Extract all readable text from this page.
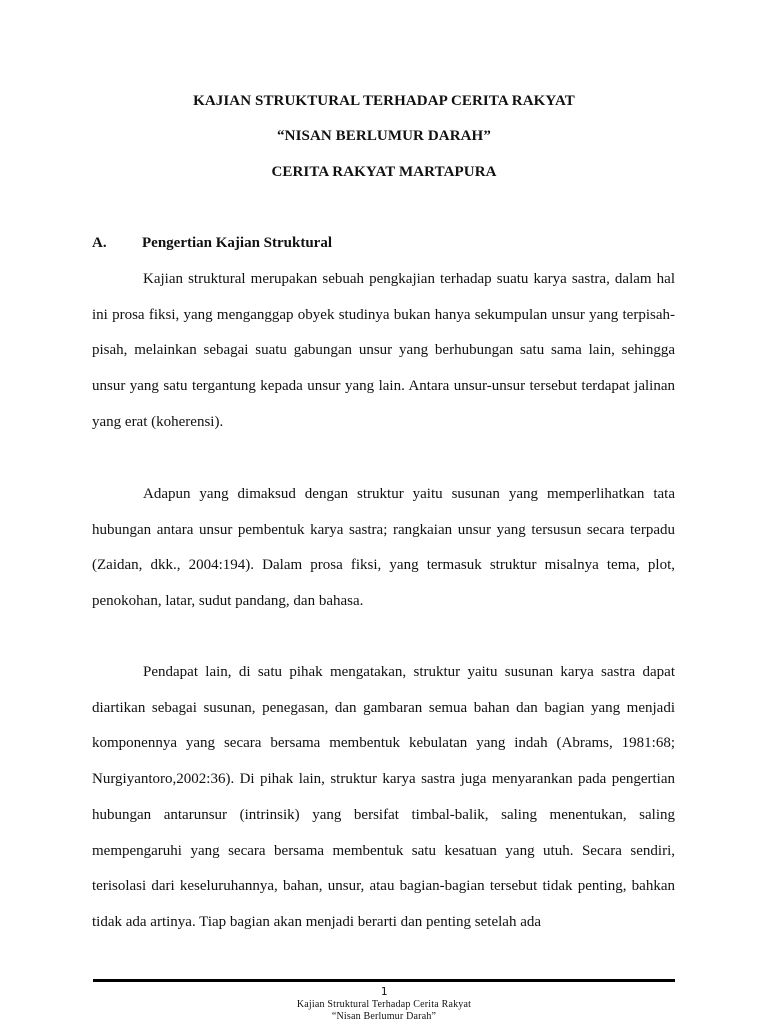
KAJIAN STRUKTURAL TERHADAP CERITA RAKYAT
“NISAN BERLUMUR DARAH”
CERITA RAKYAT MARTAPURA
A. Pengertian Kajian Struktural

Kajian struktural merupakan sebuah pengkajian terhadap suatu karya sastra, dalam hal ini prosa fiksi, yang menganggap obyek studinya bukan hanya sekumpulan unsur yang terpisah-pisah, melainkan sebagai suatu gabungan unsur yang berhubungan satu sama lain, sehingga unsur yang satu tergantung kepada unsur yang lain. Antara unsur-unsur tersebut terdapat jalinan yang erat (koherensi).

Adapun yang dimaksud dengan struktur yaitu susunan yang memperlihatkan tata hubungan antara unsur pembentuk karya sastra; rangkaian unsur yang tersusun secara terpadu (Zaidan, dkk., 2004:194). Dalam prosa fiksi, yang termasuk struktur misalnya tema, plot, penokohan, latar, sudut pandang, dan bahasa.

Pendapat lain, di satu pihak mengatakan, struktur yaitu susunan karya sastra dapat diartikan sebagai susunan, penegasan, dan gambaran semua bahan dan bagian yang menjadi komponennya yang secara bersama membentuk kebulatan yang indah (Abrams, 1981:68; Nurgiyantoro,2002:36). Di pihak lain, struktur karya sastra juga menyarankan pada pengertian hubungan antarunsur (intrinsik) yang bersifat timbal-balik, saling menentukan, saling mempengaruhi yang secara bersama membentuk satu kesatuan yang utuh. Secara sendiri, terisolasi dari keseluruhannya, bahan, unsur, atau bagian-bagian tersebut tidak penting, bahkan tidak ada artinya. Tiap bagian akan menjadi berarti dan penting setelah ada

1
Kajian Struktural Terhadap Cerita Rakyat
“Nisan Berlumur Darah”
